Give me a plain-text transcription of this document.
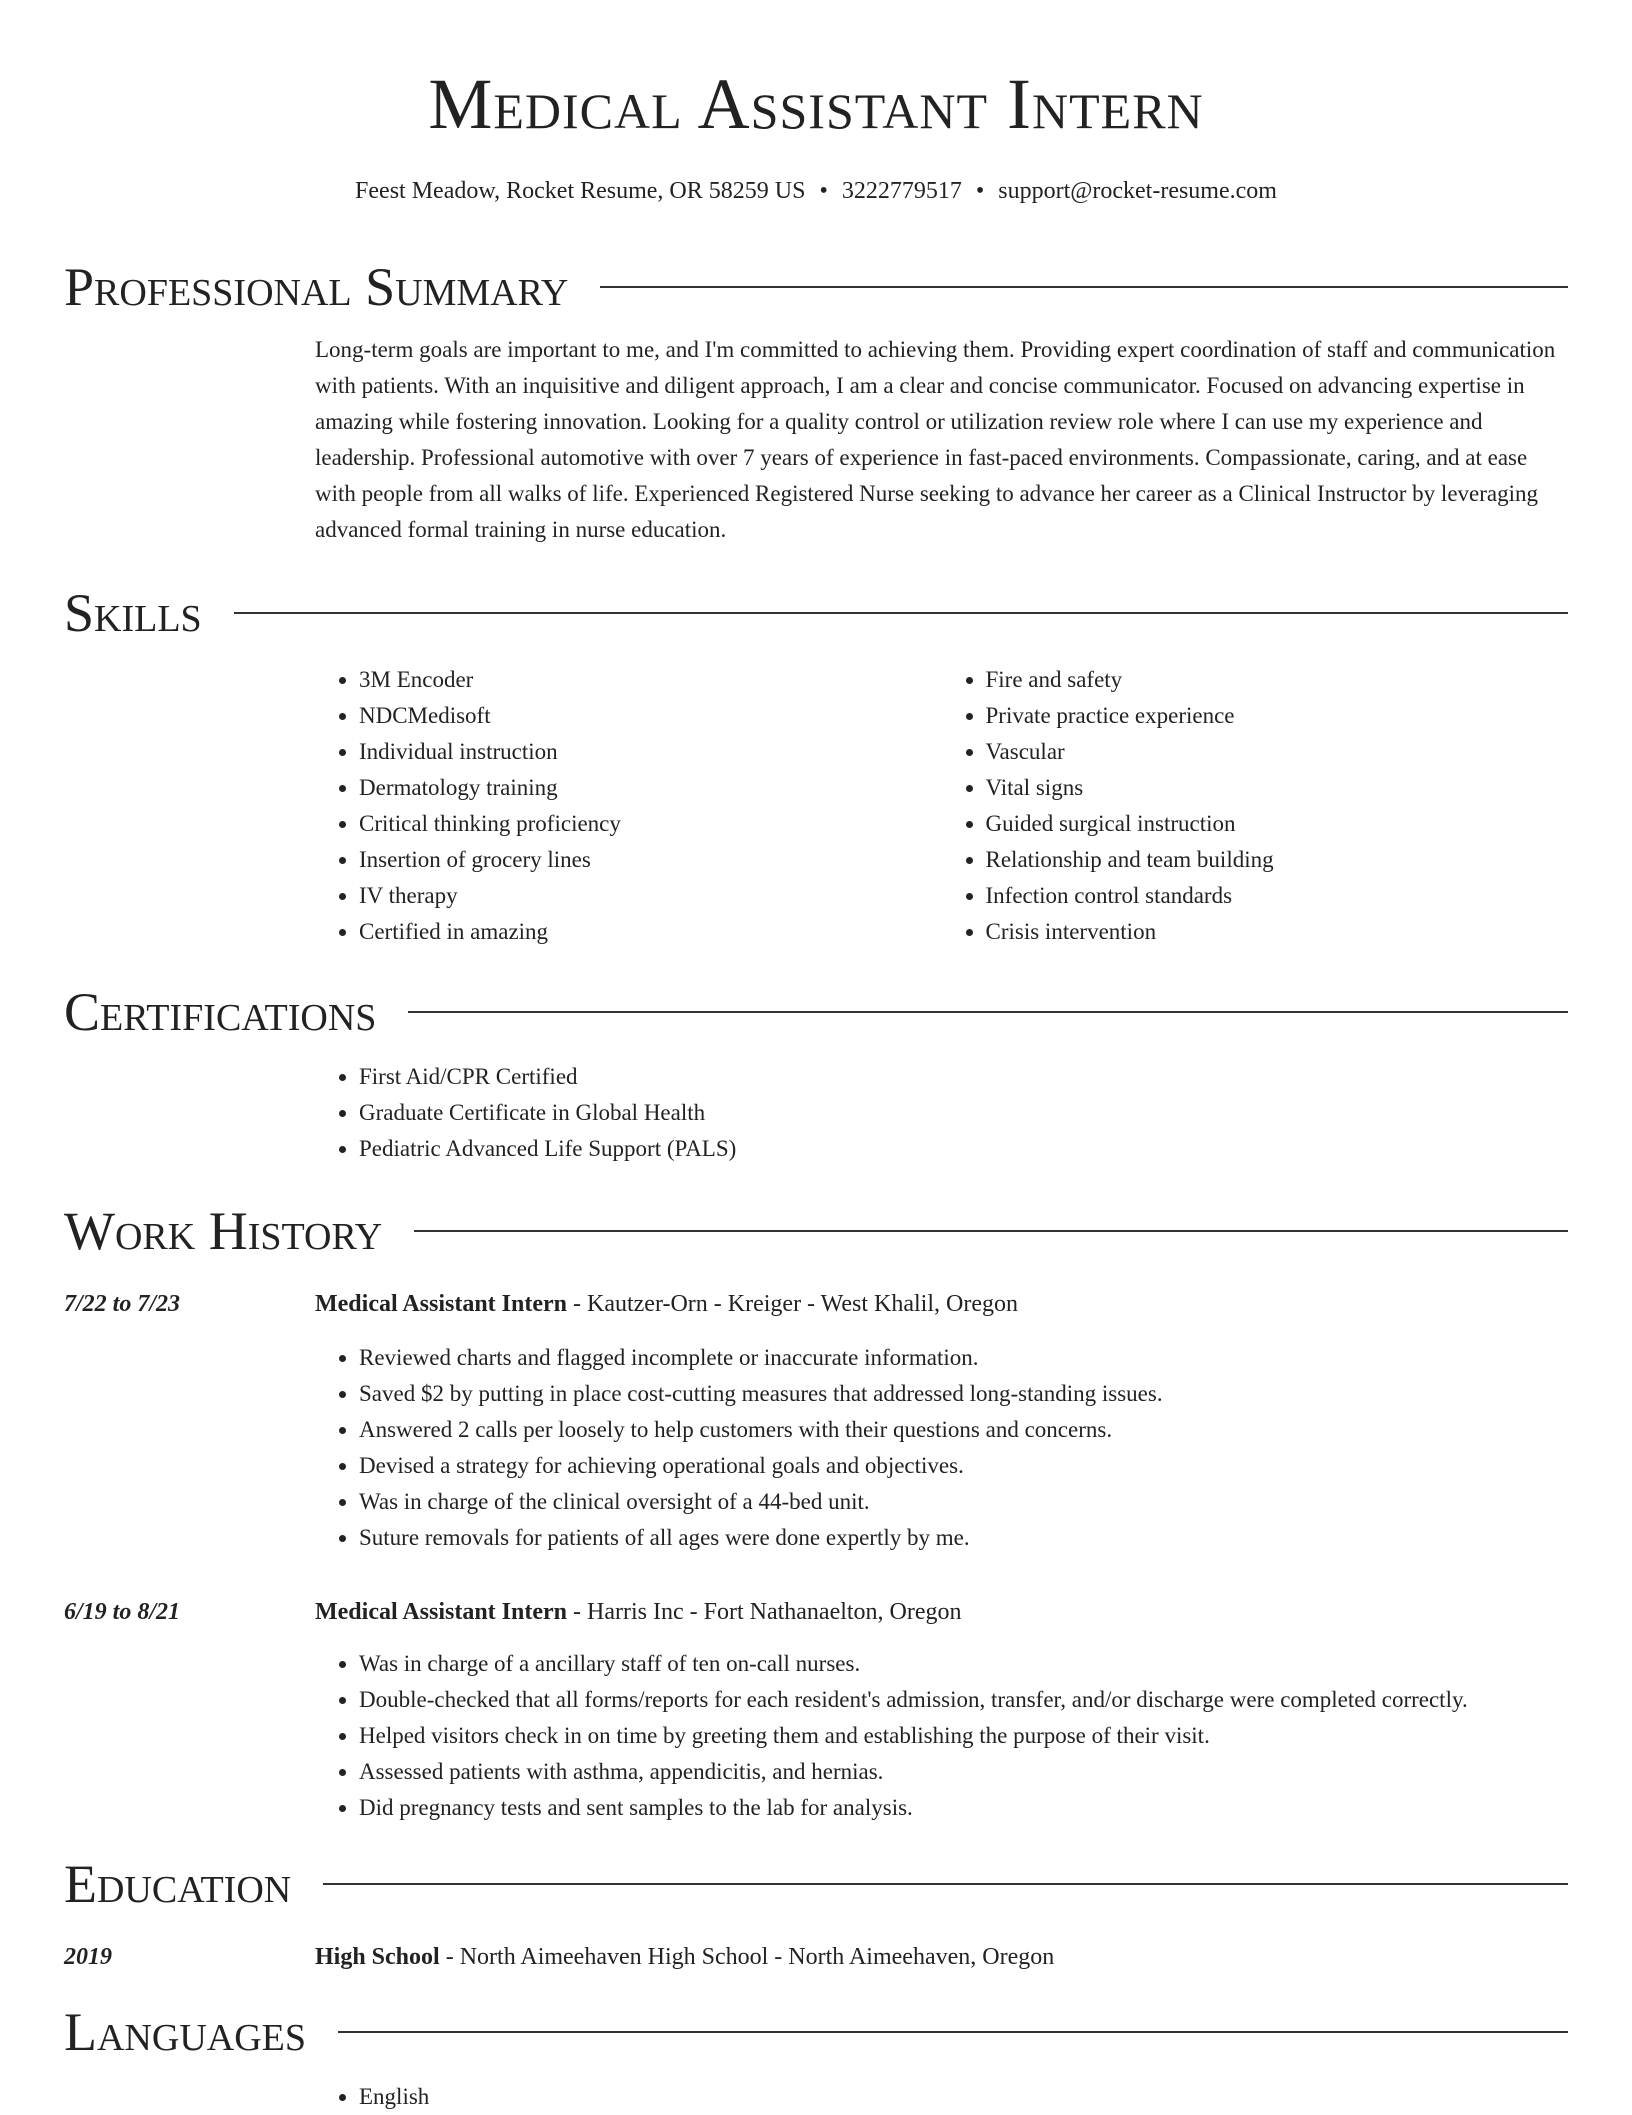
Medical Assistant Intern
Feest Meadow, Rocket Resume, OR 58259 US • 3222779517 • support@rocket-resume.com
Professional Summary
Long-term goals are important to me, and I'm committed to achieving them. Providing expert coordination of staff and communication with patients. With an inquisitive and diligent approach, I am a clear and concise communicator. Focused on advancing expertise in amazing while fostering innovation. Looking for a quality control or utilization review role where I can use my experience and leadership. Professional automotive with over 7 years of experience in fast-paced environments. Compassionate, caring, and at ease with people from all walks of life. Experienced Registered Nurse seeking to advance her career as a Clinical Instructor by leveraging advanced formal training in nurse education.
Skills
• 3M Encoder
• NDCMedisoft
• Individual instruction
• Dermatology training
• Critical thinking proficiency
• Insertion of grocery lines
• IV therapy
• Certified in amazing
• Fire and safety
• Private practice experience
• Vascular
• Vital signs
• Guided surgical instruction
• Relationship and team building
• Infection control standards
• Crisis intervention
Certifications
• First Aid/CPR Certified
• Graduate Certificate in Global Health
• Pediatric Advanced Life Support (PALS)
Work History
7/22 to 7/23	Medical Assistant Intern - Kautzer-Orn - Kreiger - West Khalil, Oregon
• Reviewed charts and flagged incomplete or inaccurate information.
• Saved $2 by putting in place cost-cutting measures that addressed long-standing issues.
• Answered 2 calls per loosely to help customers with their questions and concerns.
• Devised a strategy for achieving operational goals and objectives.
• Was in charge of the clinical oversight of a 44-bed unit.
• Suture removals for patients of all ages were done expertly by me.
6/19 to 8/21	Medical Assistant Intern - Harris Inc - Fort Nathanaelton, Oregon
• Was in charge of a ancillary staff of ten on-call nurses.
• Double-checked that all forms/reports for each resident's admission, transfer, and/or discharge were completed correctly.
• Helped visitors check in on time by greeting them and establishing the purpose of their visit.
• Assessed patients with asthma, appendicitis, and hernias.
• Did pregnancy tests and sent samples to the lab for analysis.
Education
2019	High School - North Aimeehaven High School - North Aimeehaven, Oregon
Languages
• English
